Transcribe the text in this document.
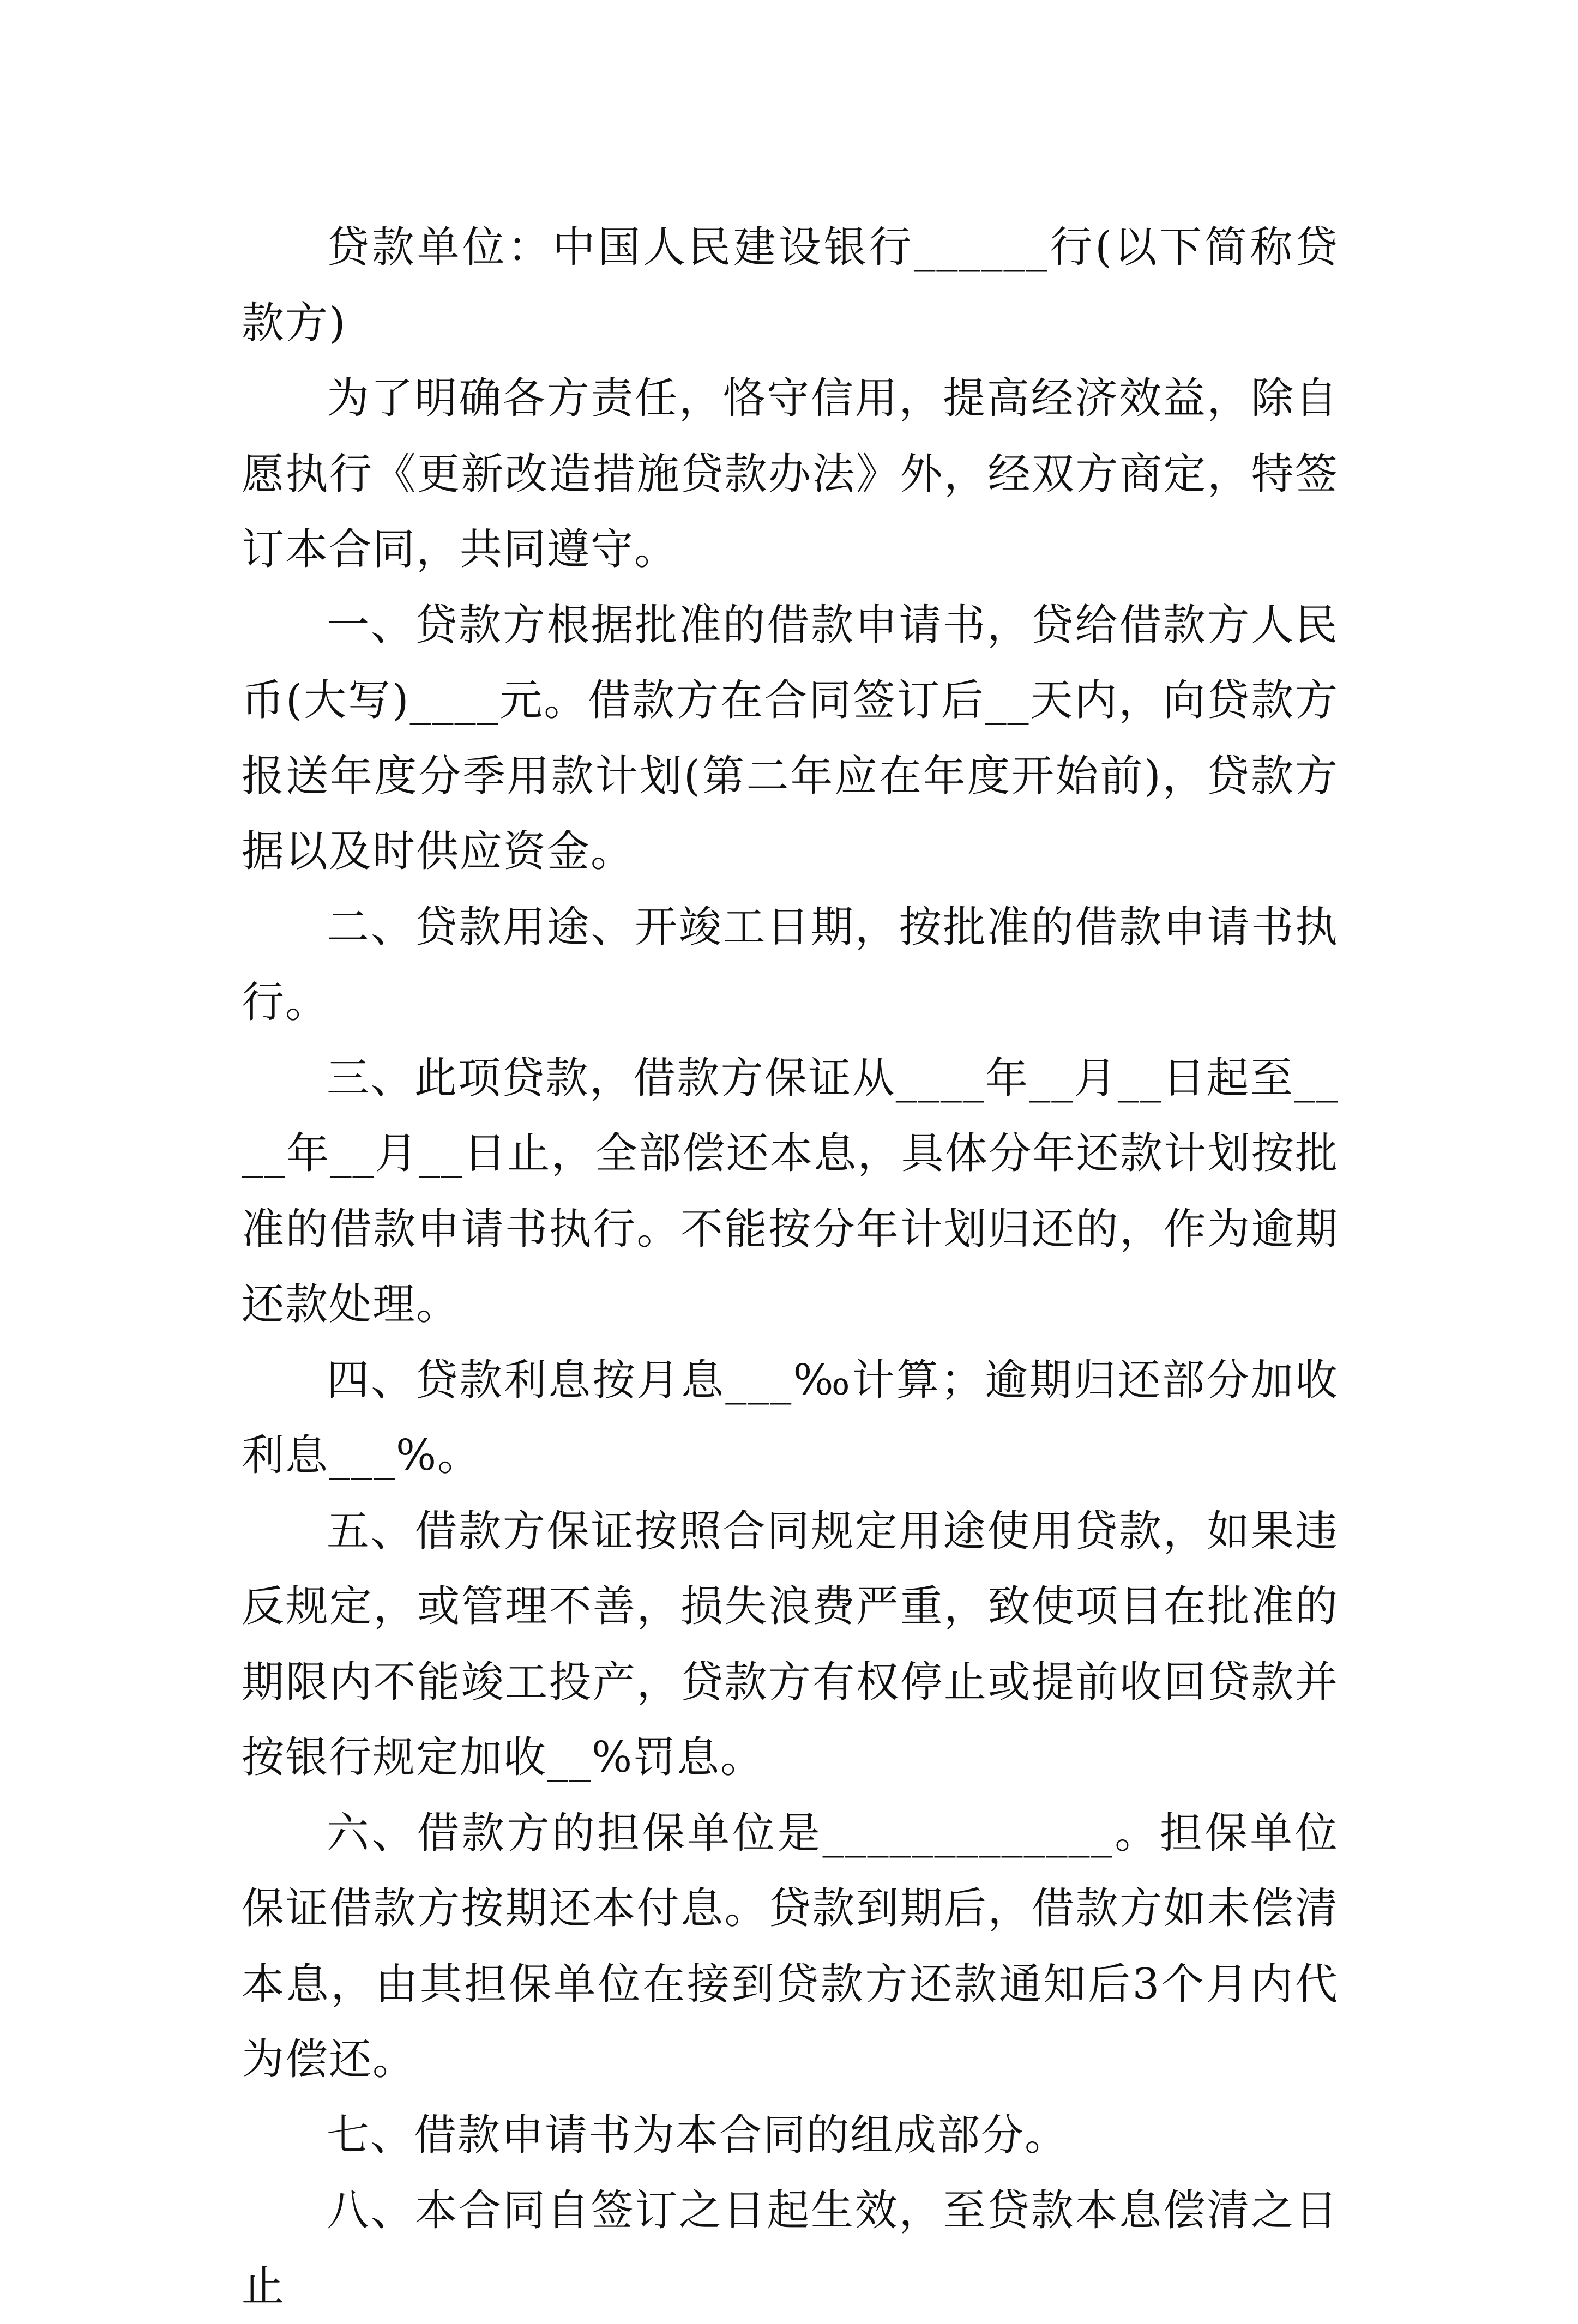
贷款单位：中国人民建设银行______行(以下简称贷款方)

为了明确各方责任，恪守信用，提高经济效益，除自愿执行《更新改造措施贷款办法》外，经双方商定，特签订本合同，共同遵守。

一、贷款方根据批准的借款申请书，贷给借款方人民币(大写)____元。借款方在合同签订后__天内，向贷款方报送年度分季用款计划(第二年应在年度开始前)，贷款方据以及时供应资金。

二、贷款用途、开竣工日期，按批准的借款申请书执行。

三、此项贷款，借款方保证从____年__月__日起至____年__月__日止，全部偿还本息，具体分年还款计划按批准的借款申请书执行。不能按分年计划归还的，作为逾期还款处理。

四、贷款利息按月息___‰计算；逾期归还部分加收利息___%。

五、借款方保证按照合同规定用途使用贷款，如果违反规定，或管理不善，损失浪费严重，致使项目在批准的期限内不能竣工投产，贷款方有权停止或提前收回贷款并按银行规定加收__%罚息。

六、借款方的担保单位是_____________。担保单位保证借款方按期还本付息。贷款到期后，借款方如未偿清本息，由其担保单位在接到贷款方还款通知后3个月内代为偿还。

七、借款申请书为本合同的组成部分。

八、本合同自签订之日起生效，至贷款本息偿清之日止
